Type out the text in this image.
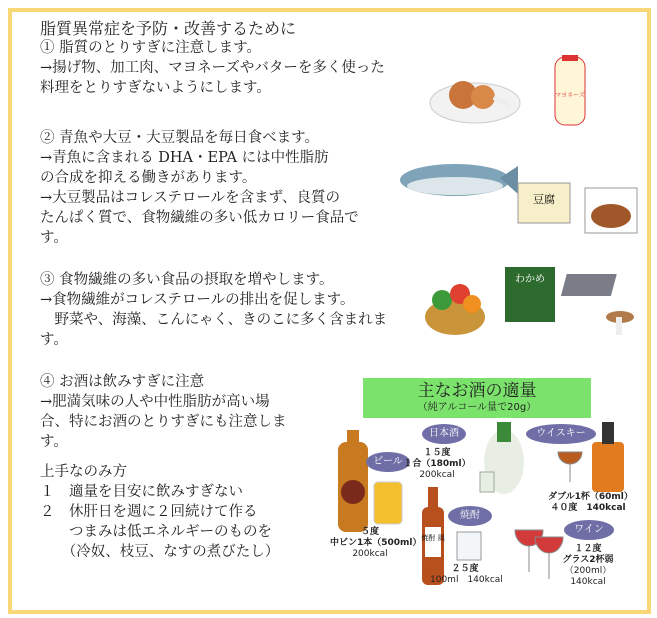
脂質異常症を予防・改善するために
① 脂質のとりすぎに注意します。
→揚げ物、加工肉、マヨネーズやバターを多く使った
料理をとりすぎないようにします。
② 青魚や大豆・大豆製品を毎日食べます。
→青魚に含まれる DHA・EPA には中性脂肪
の合成を抑える働きがあります。
→大豆製品はコレステロールを含まず、良質の
たんぱく質で、食物繊維の多い低カロリー食品で
す。
③ 食物繊維の多い食品の摂取を増やします。
→食物繊維がコレステロールの排出を促します。
　野菜や、海藻、こんにゃく、きのこに多く含まれま
す。
④ お酒は飲みすぎに注意
→肥満気味の人や中性脂肪が高い場
合、特にお酒のとりすぎにも注意しま
す。
上手なのみ方
１　適量を目安に飲みすぎない
２　休肝日を週に２回続けて作る
　　つまみは低エネルギーのものを
　　（冷奴、枝豆、なすの煮びたし）
マヨネーズ
豆腐
わかめ
主なお酒の適量
（純アルコール量で20g）
焼酎 風
ビール
５度
中ビン1本（500ml）
200kcal
日本酒
１５度
１合（180ml）
200kcal
焼酎
２５度
100ml　140kcal
ウイスキー
ダブル1杯（60ml）
４０度　140kcal
ワイン
１２度
グラス2杯弱
（200ml）
140kcal
